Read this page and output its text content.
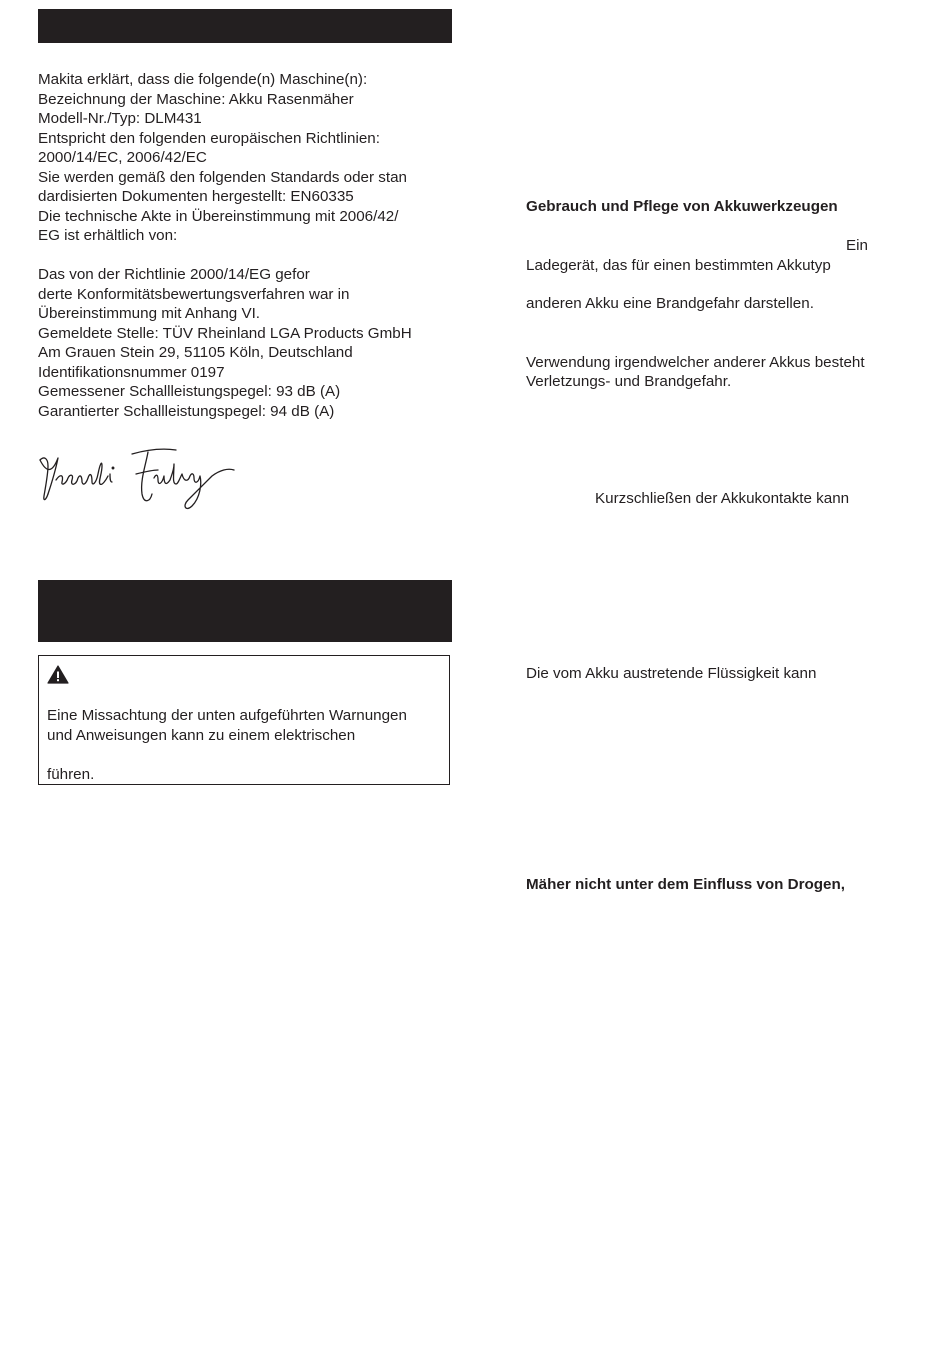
Makita erklärt, dass die folgende(n) Maschine(n):
Bezeichnung der Maschine: Akku Rasenmäher
Modell-Nr./Typ: DLM431
Entspricht den folgenden europäischen Richtlinien:
2000/14/EC, 2006/42/EC
Sie werden gemäß den folgenden Standards oder stan
dardisierten Dokumenten hergestellt: EN60335
Die technische Akte in Übereinstimmung mit 2006/42/
EG ist erhältlich von:
Das von der Richtlinie 2000/14/EG gefor
derte Konformitätsbewertungsverfahren war in
Übereinstimmung mit Anhang VI.
Gemeldete Stelle: TÜV Rheinland LGA Products GmbH
Am Grauen Stein 29, 51105 Köln, Deutschland
Identifikationsnummer 0197
Gemessener Schallleistungspegel: 93 dB (A)
Garantierter Schallleistungspegel: 94 dB (A)
Eine Missachtung der unten aufgeführten Warnungen
und Anweisungen kann zu einem elektrischen
führen.
Gebrauch und Pflege von Akkuwerkzeugen
Ein
Ladegerät, das für einen bestimmten Akkutyp
anderen Akku eine Brandgefahr darstellen.
Verwendung irgendwelcher anderer Akkus besteht
Verletzungs- und Brandgefahr.
Kurzschließen der Akkukontakte kann
Die vom Akku austretende Flüssigkeit kann
Mäher nicht unter dem Einfluss von Drogen,
